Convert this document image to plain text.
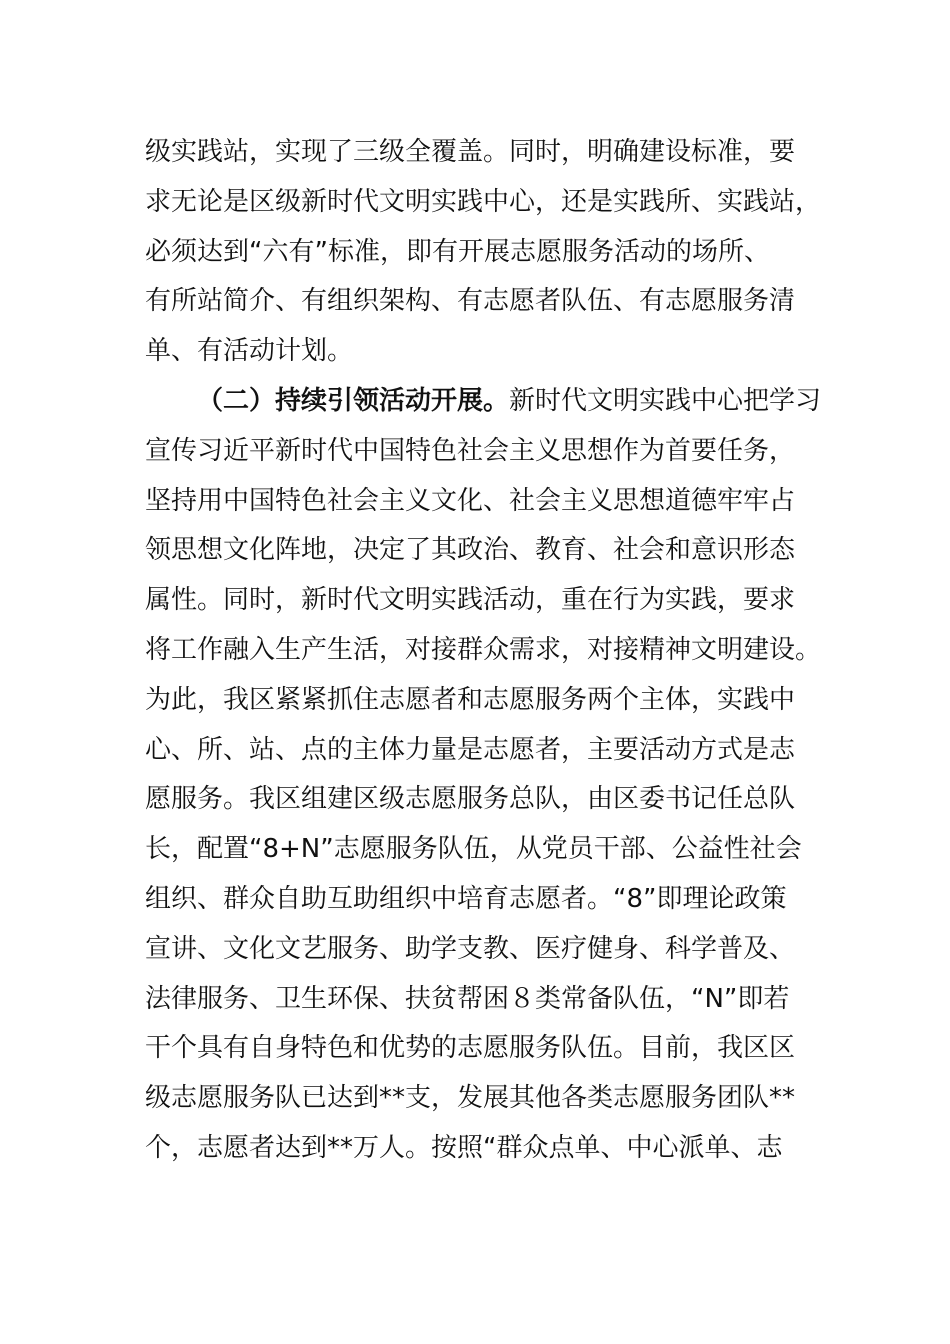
级实践站，实现了三级全覆盖。同时，明确建设标准，要
求无论是区级新时代文明实践中心，还是实践所、实践站，
必须达到“六有”标准，即有开展志愿服务活动的场所、
有所站简介、有组织架构、有志愿者队伍、有志愿服务清
单、有活动计划。
（二）持续引领活动开展。新时代文明实践中心把学习
宣传习近平新时代中国特色社会主义思想作为首要任务，
坚持用中国特色社会主义文化、社会主义思想道德牢牢占
领思想文化阵地，决定了其政治、教育、社会和意识形态
属性。同时，新时代文明实践活动，重在行为实践，要求
将工作融入生产生活，对接群众需求，对接精神文明建设。
为此，我区紧紧抓住志愿者和志愿服务两个主体，实践中
心、所、站、点的主体力量是志愿者，主要活动方式是志
愿服务。我区组建区级志愿服务总队，由区委书记任总队
长，配置“8+N”志愿服务队伍，从党员干部、公益性社会
组织、群众自助互助组织中培育志愿者。“8”即理论政策
宣讲、文化文艺服务、助学支教、医疗健身、科学普及、
法律服务、卫生环保、扶贫帮困８类常备队伍，“N”即若
干个具有自身特色和优势的志愿服务队伍。目前，我区区
级志愿服务队已达到**支，发展其他各类志愿服务团队**
个，志愿者达到**万人。按照“群众点单、中心派单、志
